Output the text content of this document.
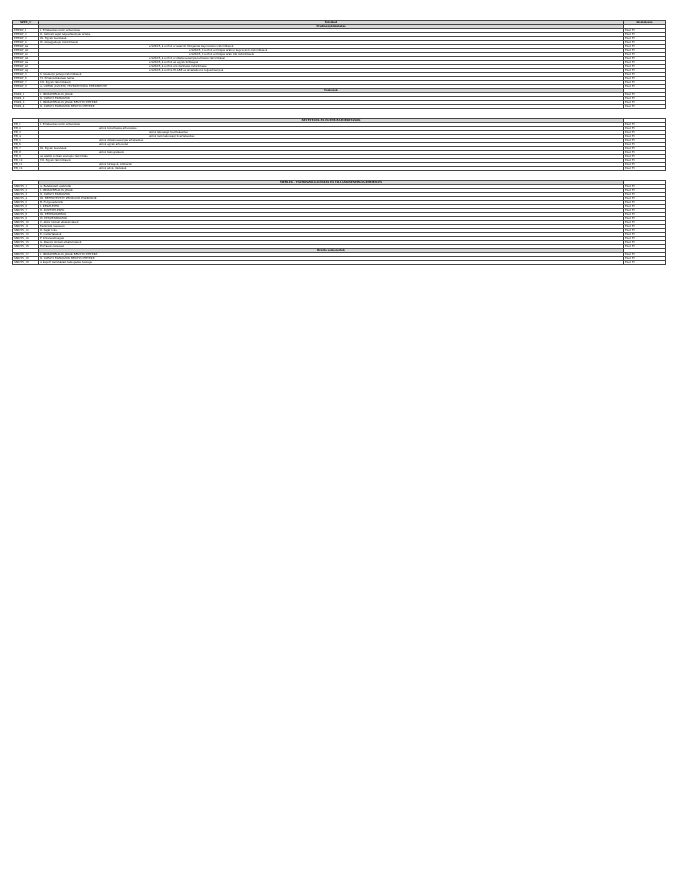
SZEV_1	Tételkód	kivételezés
	Eredménykimutatás	
EREDV_1	I. Értékesítés nettó árbevétele	Ezer Ft
EREDV_2	II. Aktivált saját teljesítmények értéke	Ezer Ft
EREDV_3	III. Egyéb bevételek	Ezer Ft
EREDV_4	IV. Anyagjellegű ráfordítások	Ezer Ft
EREDV_4a	a SZKV6_4 sorból a vásárolt földgázzal kapcsolatos ráfordítások	Ezer Ft
EREDV_4b	a SZKV6_3 sorból a földgáz árához kapcsolódó ráfordítások	Ezer Ft
EREDV_4c	a SZKV6_3 sorból a földgáz árán túli ráfordítások	Ezer Ft
EREDV_4d	a SZKV6_4 sorból a villamosenergia-termelés ráfordításai	Ezer Ft
EREDV_4e	a SZKV6_4 sorból az egyéb költségek	Ezer Ft
EREDV_4f	a SZKV6_4 sorból a hőtermelés ráfordításai	Ezer Ft
EREDV_4g	a SZKV6_4 sorból ELÁBÉ és alvállalkozói teljesítmények	Ezer Ft
EREDV_5	V. Személyi jellegű ráfordítások	Ezer Ft
EREDV_6	VI. Értékcsökkenési leírás	Ezer Ft
EREDV_7	VII. Egyéb ráfordítások	Ezer Ft
EREDV_8	A. ÜZEMI (ÜZLETI) TEVÉKENYSÉG EREDMÉNYE	Ezer Ft
	Eszközök	
ESZK_1	I. IMMATERIÁLIS JAVAK	Ezer Ft
ESZK_2	II. TÁRGYI ESZKÖZÖK	Ezer Ft
ESZK_3	I. IMMATERIÁLIS JAVAK BRUTTÓ ÉRTÉKE	Ezer Ft
ESZK_4	II. TÁRGYI ESZKÖZÖK BRUTTÓ ÉRTÉKE	Ezer Ft

	BEVÉTELEK ÉS EGYÉB RÁFORDÍTÁSOK	
EB_1	I. Értékesítés nettó árbevétele	Ezer Ft
EB_2	ebből hőtermelés árbevétele	Ezer Ft
EB_3	ebből lakossági hőértékesítés	Ezer Ft
EB_4	ebből nem lakossági hőértékesítés	Ezer Ft
EB_5	ebből villamosenergia értékesítés	Ezer Ft
EB_6	ebből egyéb árbevétel	Ezer Ft
EB_7	III. Egyéb bevételek	Ezer Ft
EB_8	ebből támogatások	Ezer Ft
EB_9	Az alábbi sorban szereplő ráfordítás	Ezer Ft
EB_10	VII. Egyéb ráfordítások	Ezer Ft
EB_11	ebből bírságok, kötbérek	Ezer Ft
EB_12	ebből adók, illetékek	Ezer Ft

	MÉRLEG - TÁVHŐSZOLGÁLTATÁS ÉS VILLAMOSENERGIA-TERMELÉS	
SMDTV_1	A. Befektetett eszközök	Ezer Ft
SMDTV_2	I. IMMATERIÁLIS JAVAK	Ezer Ft
SMDTV_3	II. TÁRGYI ESZKÖZÖK	Ezer Ft
SMDTV_4	III. BEFEKTETETT PÉNZÜGYI ESZKÖZÖK	Ezer Ft
SMDTV_5	B. Forgóeszközök	Ezer Ft
SMDTV_6	I. KÉSZLETEK	Ezer Ft
SMDTV_7	II. KÖVETELÉSEK	Ezer Ft
SMDTV_8	III. ÉRTÉKPAPÍROK	Ezer Ft
SMDTV_9	IV. PÉNZESZKÖZÖK	Ezer Ft
SMDTV_10	C. Aktív időbeli elhatárolások	Ezer Ft
SMDTV_11	Eszközök összesen	Ezer Ft
SMDTV_12	D. Saját tőke	Ezer Ft
SMDTV_13	E. Céltartalékok	Ezer Ft
SMDTV_14	F. Kötelezettségek	Ezer Ft
SMDTV_15	G. Passzív időbeli elhatárolások	Ezer Ft
SMDTV_16	Források összesen	Ezer Ft
	Bruttó eszközérték	
SMDTV_17	I. IMMATERIÁLIS JAVAK BRUTTÓ ÉRTÉKE	Ezer Ft
SMDTV_18	II. TÁRGYI ESZKÖZÖK BRUTTÓ ÉRTÉKE	Ezer Ft
SMDTV_19	A kapott beruházási támogatás összege	Ezer Ft
